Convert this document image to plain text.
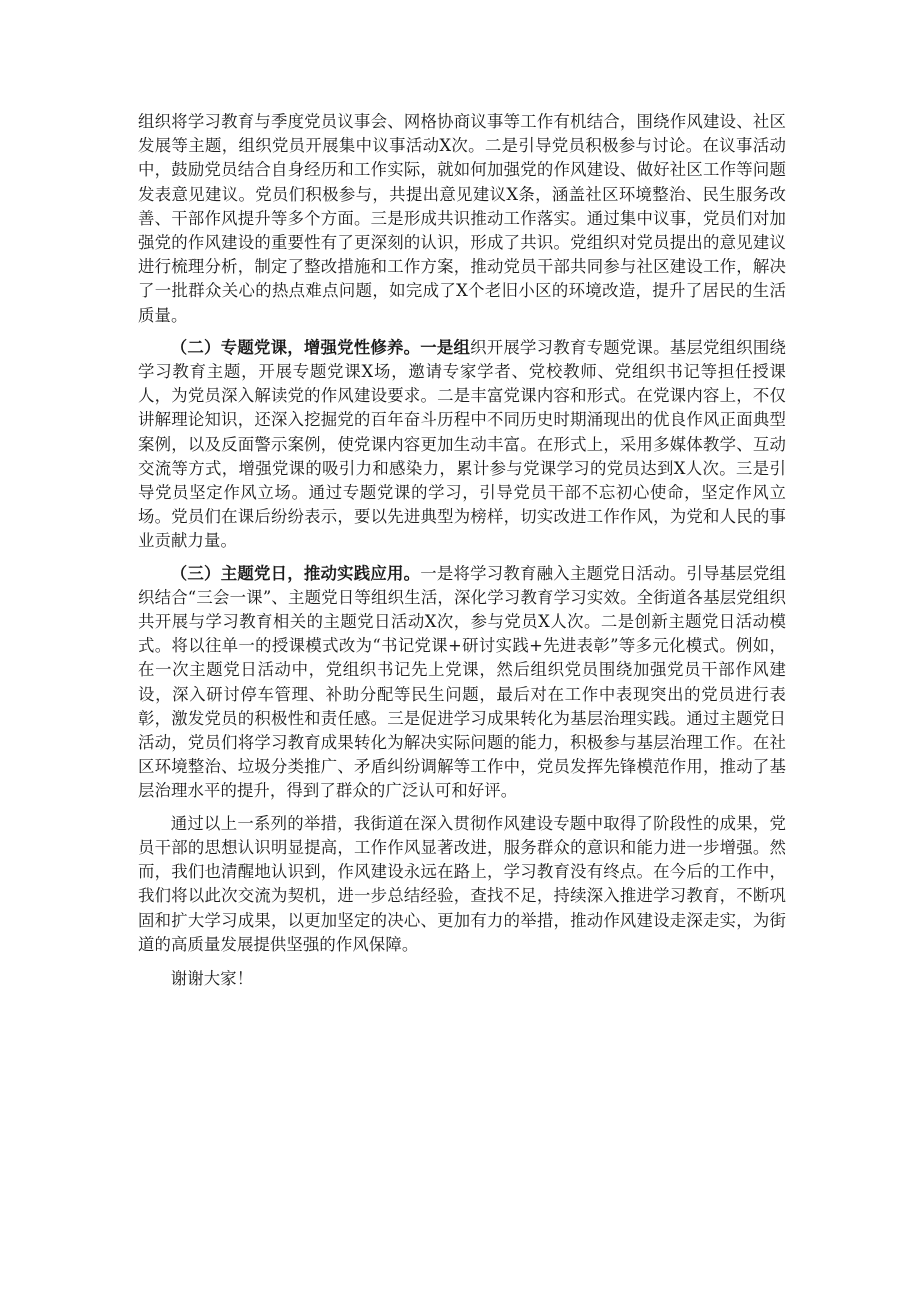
组织将学习教育与季度党员议事会、网格协商议事等工作有机结合，围绕作风建设、社区发展等主题，组织党员开展集中议事活动X次。二是引导党员积极参与讨论。在议事活动中，鼓励党员结合自身经历和工作实际，就如何加强党的作风建设、做好社区工作等问题发表意见建议。党员们积极参与，共提出意见建议X条，涵盖社区环境整治、民生服务改善、干部作风提升等多个方面。三是形成共识推动工作落实。通过集中议事，党员们对加强党的作风建设的重要性有了更深刻的认识，形成了共识。党组织对党员提出的意见建议进行梳理分析，制定了整改措施和工作方案，推动党员干部共同参与社区建设工作，解决了一批群众关心的热点难点问题，如完成了X个老旧小区的环境改造，提升了居民的生活质量。

（二）专题党课，增强党性修养。一是组织开展学习教育专题党课。基层党组织围绕学习教育主题，开展专题党课X场，邀请专家学者、党校教师、党组织书记等担任授课人，为党员深入解读党的作风建设要求。二是丰富党课内容和形式。在党课内容上，不仅讲解理论知识，还深入挖掘党的百年奋斗历程中不同历史时期涌现出的优良作风正面典型案例，以及反面警示案例，使党课内容更加生动丰富。在形式上，采用多媒体教学、互动交流等方式，增强党课的吸引力和感染力，累计参与党课学习的党员达到X人次。三是引导党员坚定作风立场。通过专题党课的学习，引导党员干部不忘初心使命，坚定作风立场。党员们在课后纷纷表示，要以先进典型为榜样，切实改进工作作风，为党和人民的事业贡献力量。

（三）主题党日，推动实践应用。一是将学习教育融入主题党日活动。引导基层党组织结合“三会一课”、主题党日等组织生活，深化学习教育学习实效。全街道各基层党组织共开展与学习教育相关的主题党日活动X次，参与党员X人次。二是创新主题党日活动模式。将以往单一的授课模式改为“书记党课+研讨实践+先进表彰”等多元化模式。例如，在一次主题党日活动中，党组织书记先上党课，然后组织党员围绕加强党员干部作风建设，深入研讨停车管理、补助分配等民生问题，最后对在工作中表现突出的党员进行表彰，激发党员的积极性和责任感。三是促进学习成果转化为基层治理实践。通过主题党日活动，党员们将学习教育成果转化为解决实际问题的能力，积极参与基层治理工作。在社区环境整治、垃圾分类推广、矛盾纠纷调解等工作中，党员发挥先锋模范作用，推动了基层治理水平的提升，得到了群众的广泛认可和好评。

通过以上一系列的举措，我街道在深入贯彻作风建设专题中取得了阶段性的成果，党员干部的思想认识明显提高，工作作风显著改进，服务群众的意识和能力进一步增强。然而，我们也清醒地认识到，作风建设永远在路上，学习教育没有终点。在今后的工作中，我们将以此次交流为契机，进一步总结经验，查找不足，持续深入推进学习教育，不断巩固和扩大学习成果，以更加坚定的决心、更加有力的举措，推动作风建设走深走实，为街道的高质量发展提供坚强的作风保障。

谢谢大家！
